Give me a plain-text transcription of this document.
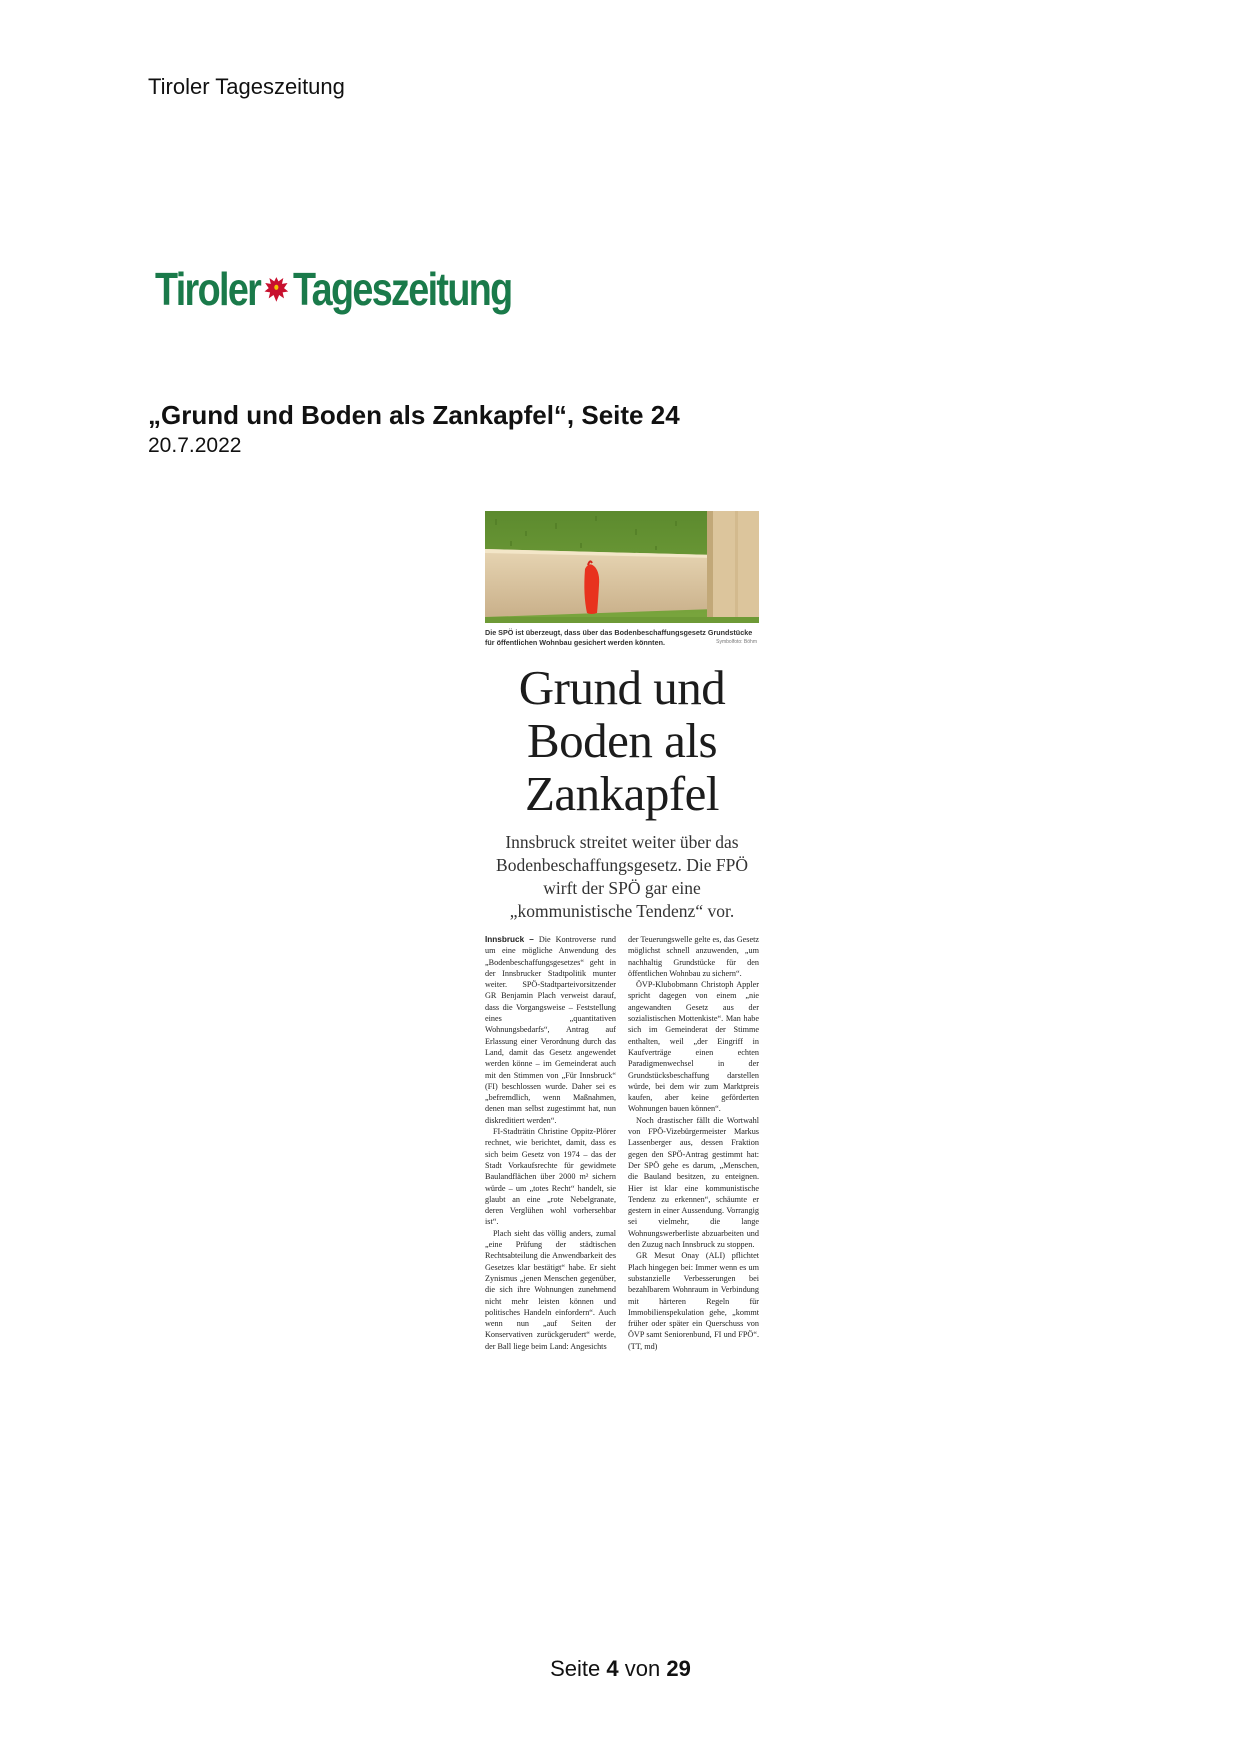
Tiroler Tageszeitung
Tiroler Tageszeitung
„Grund und Boden als Zankapfel“, Seite 24
20.7.2022
Die SPÖ ist überzeugt, dass über das Bodenbeschaffungsgesetz Grundstücke für öffentlichen Wohnbau gesichert werden könnten.	Symbolfoto: Böhm
Grund und Boden als Zankapfel
Innsbruck streitet weiter über das Bodenbeschaffungsgesetz. Die FPÖ wirft der SPÖ gar eine „kommunistische Tendenz“ vor.

Innsbruck – Die Kontroverse rund um eine mögliche Anwendung des „Bodenbeschaffungsgesetzes“ geht in der Innsbrucker Stadtpolitik munter weiter. SPÖ-Stadtparteivorsitzender GR Benjamin Plach verweist darauf, dass die Vorgangsweise – Feststellung eines „quantitativen Wohnungsbedarfs“, Antrag auf Erlassung einer Verordnung durch das Land, damit das Gesetz angewendet werden könne – im Gemeinderat auch mit den Stimmen von „Für Innsbruck“ (FI) beschlossen wurde. Daher sei es „befremdlich, wenn Maßnahmen, denen man selbst zugestimmt hat, nun diskreditiert werden“.

FI-Stadträtin Christine Oppitz-Plörer rechnet, wie berichtet, damit, dass es sich beim Gesetz von 1974 – das der Stadt Vorkaufsrechte für gewidmete Baulandflächen über 2000 m² sichern würde – um „totes Recht“ handelt, sie glaubt an eine „rote Nebelgranate, deren Verglühen wohl vorhersehbar ist“.

Plach sieht das völlig anders, zumal „eine Prüfung der städtischen Rechtsabteilung die Anwendbarkeit des Gesetzes klar bestätigt“ habe. Er sieht Zynismus „jenen Menschen gegenüber, die sich ihre Wohnungen zunehmend nicht mehr leisten können und politisches Handeln einfordern“. Auch wenn nun „auf Seiten der Konservativen zurückgerudert“ werde, der Ball liege beim Land: Angesichts

der Teuerungswelle gelte es, das Gesetz möglichst schnell anzuwenden, „um nachhaltig Grundstücke für den öffentlichen Wohnbau zu sichern“.

ÖVP-Klubobmann Christoph Appler spricht dagegen von einem „nie angewandten Gesetz aus der sozialistischen Mottenkiste“. Man habe sich im Gemeinderat der Stimme enthalten, weil „der Eingriff in Kaufverträge einen echten Paradigmenwechsel in der Grundstücksbeschaffung darstellen würde, bei dem wir zum Marktpreis kaufen, aber keine geförderten Wohnungen bauen können“.

Noch drastischer fällt die Wortwahl von FPÖ-Vizebürgermeister Markus Lassenberger aus, dessen Fraktion gegen den SPÖ-Antrag gestimmt hat: Der SPÖ gehe es darum, „Menschen, die Bauland besitzen, zu enteignen. Hier ist klar eine kommunistische Tendenz zu erkennen“, schäumte er gestern in einer Aussendung. Vorrangig sei vielmehr, die lange Wohnungswerberliste abzuarbeiten und den Zuzug nach Innsbruck zu stoppen.

GR Mesut Onay (ALI) pflichtet Plach hingegen bei: Immer wenn es um substanzielle Verbesserungen bei bezahlbarem Wohnraum in Verbindung mit härteren Regeln für Immobilienspekulation gehe, „kommt früher oder später ein Querschuss von ÖVP samt Seniorenbund, FI und FPÖ“. (TT, md)

Seite 4 von 29
